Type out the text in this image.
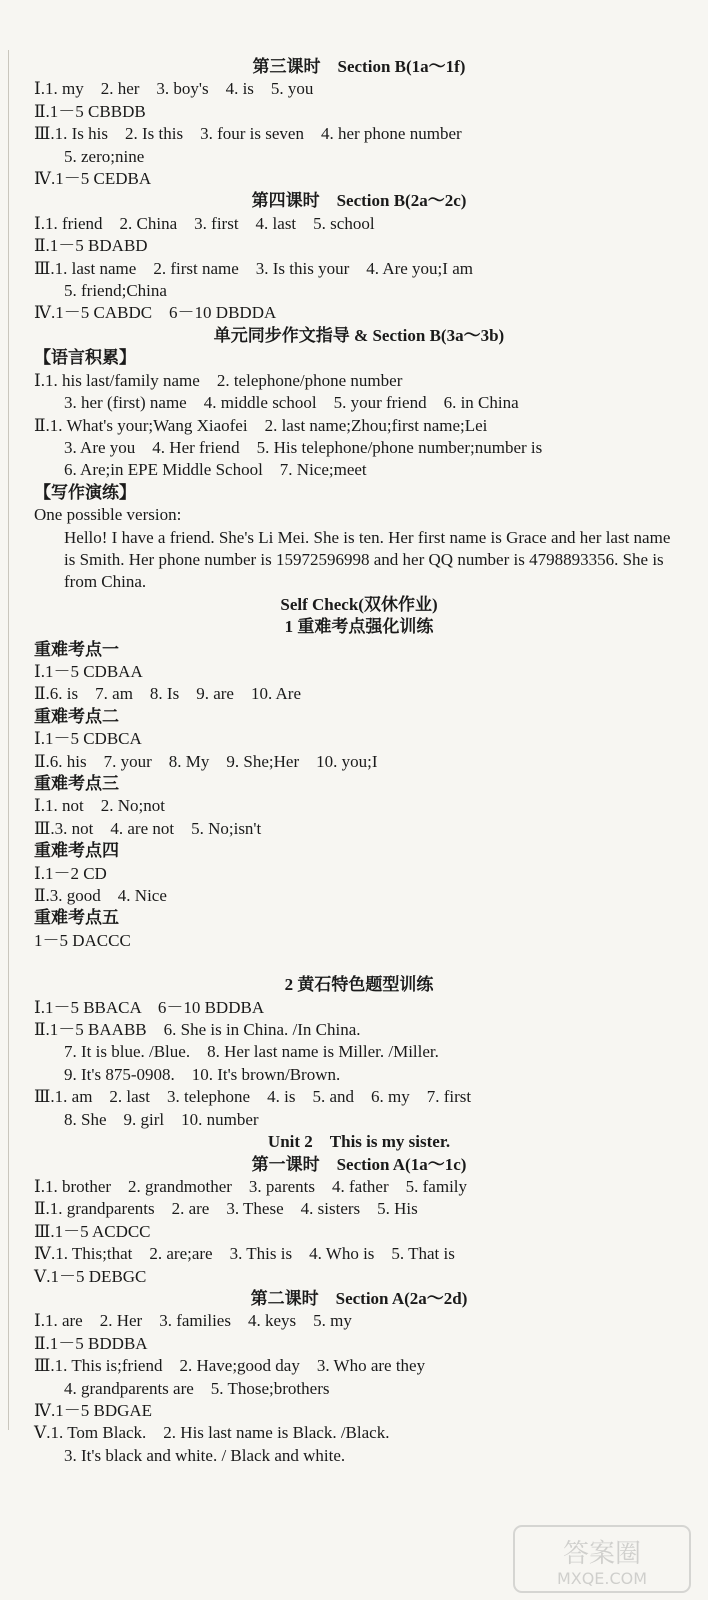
第三课时　Section B(1a～1f)
Ⅰ.1. my　2. her　3. boy's　4. is　5. you
Ⅱ.1－5 CBBDB
Ⅲ.1. Is his　2. Is this　3. four is seven　4. her phone number
5. zero;nine
Ⅳ.1－5 CEDBA
第四课时　Section B(2a～2c)
Ⅰ.1. friend　2. China　3. first　4. last　5. school
Ⅱ.1－5 BDABD
Ⅲ.1. last name　2. first name　3. Is this your　4. Are you;I am
5. friend;China
Ⅳ.1－5 CABDC　6－10 DBDDA
单元同步作文指导 & Section B(3a～3b)
【语言积累】
Ⅰ.1. his last/family name　2. telephone/phone number
3. her (first) name　4. middle school　5. your friend　6. in China
Ⅱ.1. What's your;Wang Xiaofei　2. last name;Zhou;first name;Lei
3. Are you　4. Her friend　5. His telephone/phone number;number is
6. Are;in EPE Middle School　7. Nice;meet
【写作演练】
One possible version:
Hello! I have a friend. She's Li Mei. She is ten. Her first name is Grace and her last name is Smith. Her phone number is 15972596998 and her QQ number is 4798893356. She is from China.
Self Check(双休作业)
1 重难考点强化训练
重难考点一
Ⅰ.1－5 CDBAA
Ⅱ.6. is　7. am　8. Is　9. are　10. Are
重难考点二
Ⅰ.1－5 CDBCA
Ⅱ.6. his　7. your　8. My　9. She;Her　10. you;I
重难考点三
Ⅰ.1. not　2. No;not
Ⅲ.3. not　4. are not　5. No;isn't
重难考点四
Ⅰ.1－2 CD
Ⅱ.3. good　4. Nice
重难考点五
1－5 DACCC
2 黄石特色题型训练
Ⅰ.1－5 BBACA　6－10 BDDBA
Ⅱ.1－5 BAABB　6. She is in China. /In China.
7. It is blue. /Blue.　8. Her last name is Miller. /Miller.
9. It's 875-0908.　10. It's brown/Brown.
Ⅲ.1. am　2. last　3. telephone　4. is　5. and　6. my　7. first
8. She　9. girl　10. number
Unit 2　This is my sister.
第一课时　Section A(1a～1c)
Ⅰ.1. brother　2. grandmother　3. parents　4. father　5. family
Ⅱ.1. grandparents　2. are　3. These　4. sisters　5. His
Ⅲ.1－5 ACDCC
Ⅳ.1. This;that　2. are;are　3. This is　4. Who is　5. That is
Ⅴ.1－5 DEBGC
第二课时　Section A(2a～2d)
Ⅰ.1. are　2. Her　3. families　4. keys　5. my
Ⅱ.1－5 BDDBA
Ⅲ.1. This is;friend　2. Have;good day　3. Who are they
4. grandparents are　5. Those;brothers
Ⅳ.1－5 BDGAE
Ⅴ.1. Tom Black.　2. His last name is Black. /Black.
3. It's black and white. / Black and white.
答案圈
MXQE.COM
